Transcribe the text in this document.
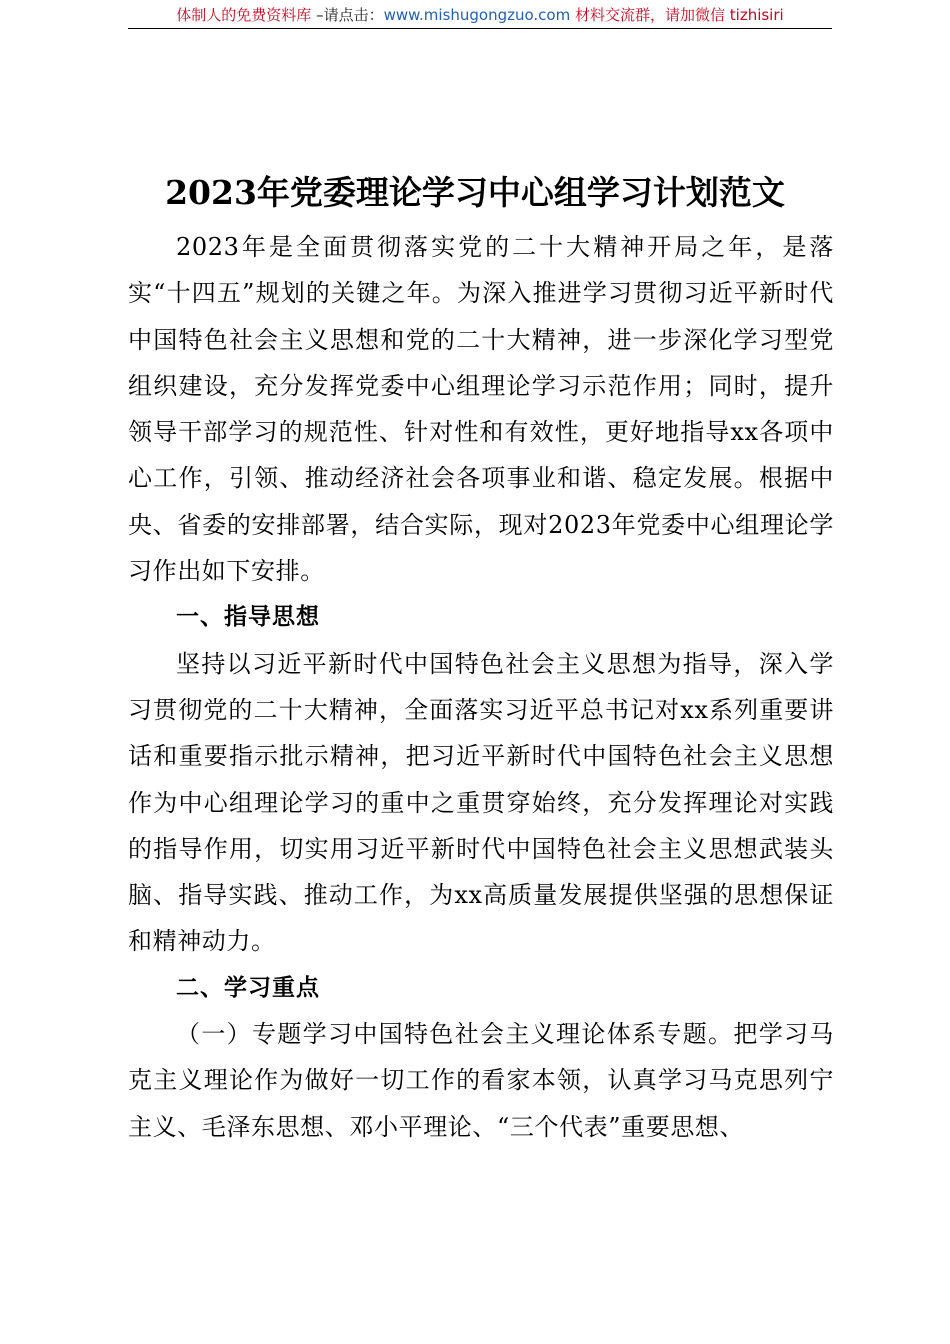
体制人的免费资料库 –请点击：www.mishugongzuo.com 材料交流群，请加微信 tizhisiri
2023年党委理论学习中心组学习计划范文

2023年是全面贯彻落实党的二十大精神开局之年，是落实“十四五”规划的关键之年。为深入推进学习贯彻习近平新时代中国特色社会主义思想和党的二十大精神，进一步深化学习型党组织建设，充分发挥党委中心组理论学习示范作用；同时，提升领导干部学习的规范性、针对性和有效性，更好地指导xx各项中心工作，引领、推动经济社会各项事业和谐、稳定发展。根据中央、省委的安排部署，结合实际，现对2023年党委中心组理论学习作出如下安排。

一、指导思想

坚持以习近平新时代中国特色社会主义思想为指导，深入学习贯彻党的二十大精神，全面落实习近平总书记对xx系列重要讲话和重要指示批示精神，把习近平新时代中国特色社会主义思想作为中心组理论学习的重中之重贯穿始终，充分发挥理论对实践的指导作用，切实用习近平新时代中国特色社会主义思想武装头脑、指导实践、推动工作，为xx高质量发展提供坚强的思想保证和精神动力。

二、学习重点

（一）专题学习中国特色社会主义理论体系专题。把学习马克主义理论作为做好一切工作的看家本领，认真学习马克思列宁主义、毛泽东思想、邓小平理论、“三个代表”重要思想、
